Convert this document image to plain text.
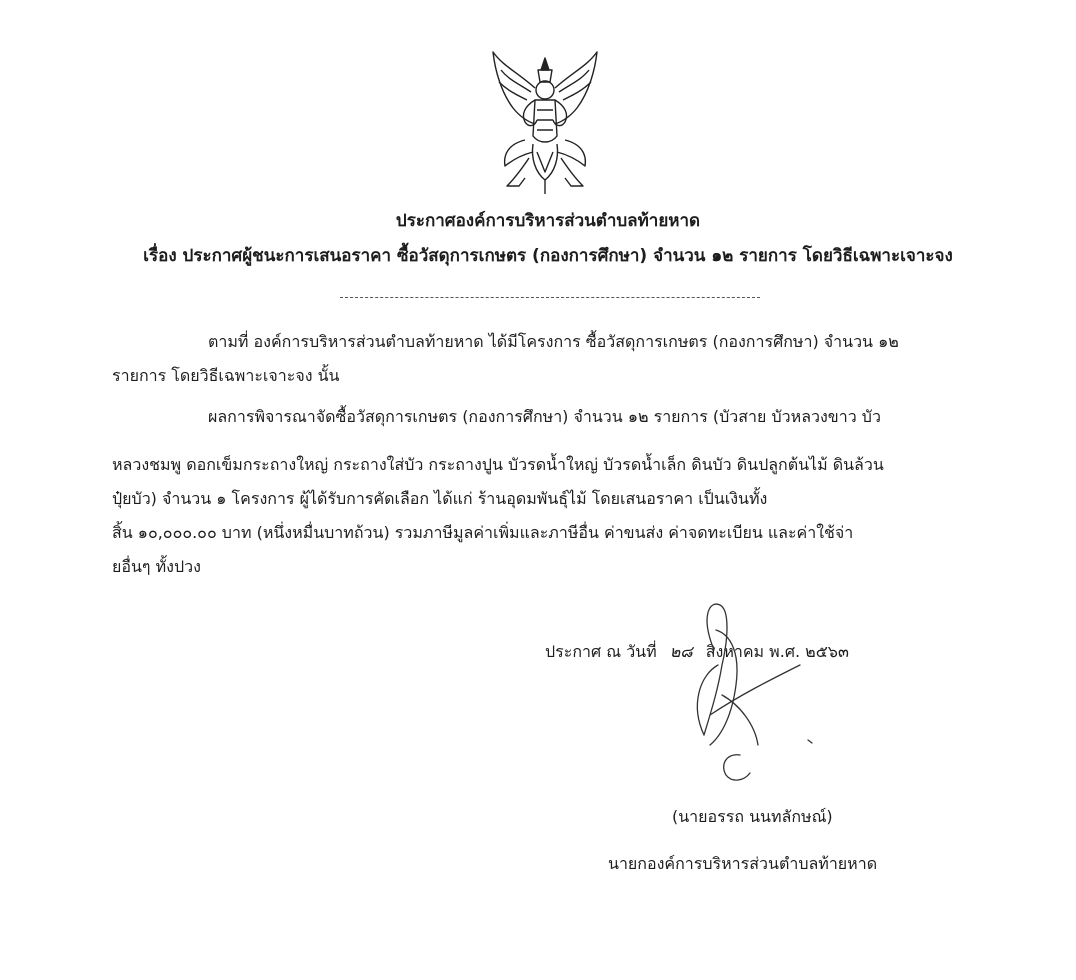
ประกาศองค์การบริหารส่วนตำบลท้ายหาด
เรื่อง ประกาศผู้ชนะการเสนอราคา ซื้อวัสดุการเกษตร (กองการศึกษา) จำนวน ๑๒ รายการ โดยวิธีเฉพาะเจาะจง
ตามที่ องค์การบริหารส่วนตำบลท้ายหาด ได้มีโครงการ ซื้อวัสดุการเกษตร (กองการศึกษา) จำนวน ๑๒
รายการ โดยวิธีเฉพาะเจาะจง นั้น
ผลการพิจารณาจัดซื้อวัสดุการเกษตร (กองการศึกษา) จำนวน ๑๒ รายการ (บัวสาย บัวหลวงขาว บัว
หลวงชมพู ดอกเข็มกระถางใหญ่ กระถางใส่บัว กระถางปูน บัวรดน้ำใหญ่ บัวรดน้ำเล็ก ดินบัว ดินปลูกต้นไม้ ดินล้วน
ปุ๋ยบัว) จำนวน ๑ โครงการ ผู้ได้รับการคัดเลือก ได้แก่ ร้านอุดมพันธุ์ไม้ โดยเสนอราคา เป็นเงินทั้ง
สิ้น ๑๐,๐๐๐.๐๐ บาท (หนึ่งหมื่นบาทถ้วน) รวมภาษีมูลค่าเพิ่มและภาษีอื่น ค่าขนส่ง ค่าจดทะเบียน และค่าใช้จ่า
ยอื่นๆ ทั้งปวง
ประกาศ ณ วันที่ ๒๘ สิงหาคม พ.ศ. ๒๕๖๓
(นายอรรถ นนทลักษณ์)
นายกองค์การบริหารส่วนตำบลท้ายหาด
